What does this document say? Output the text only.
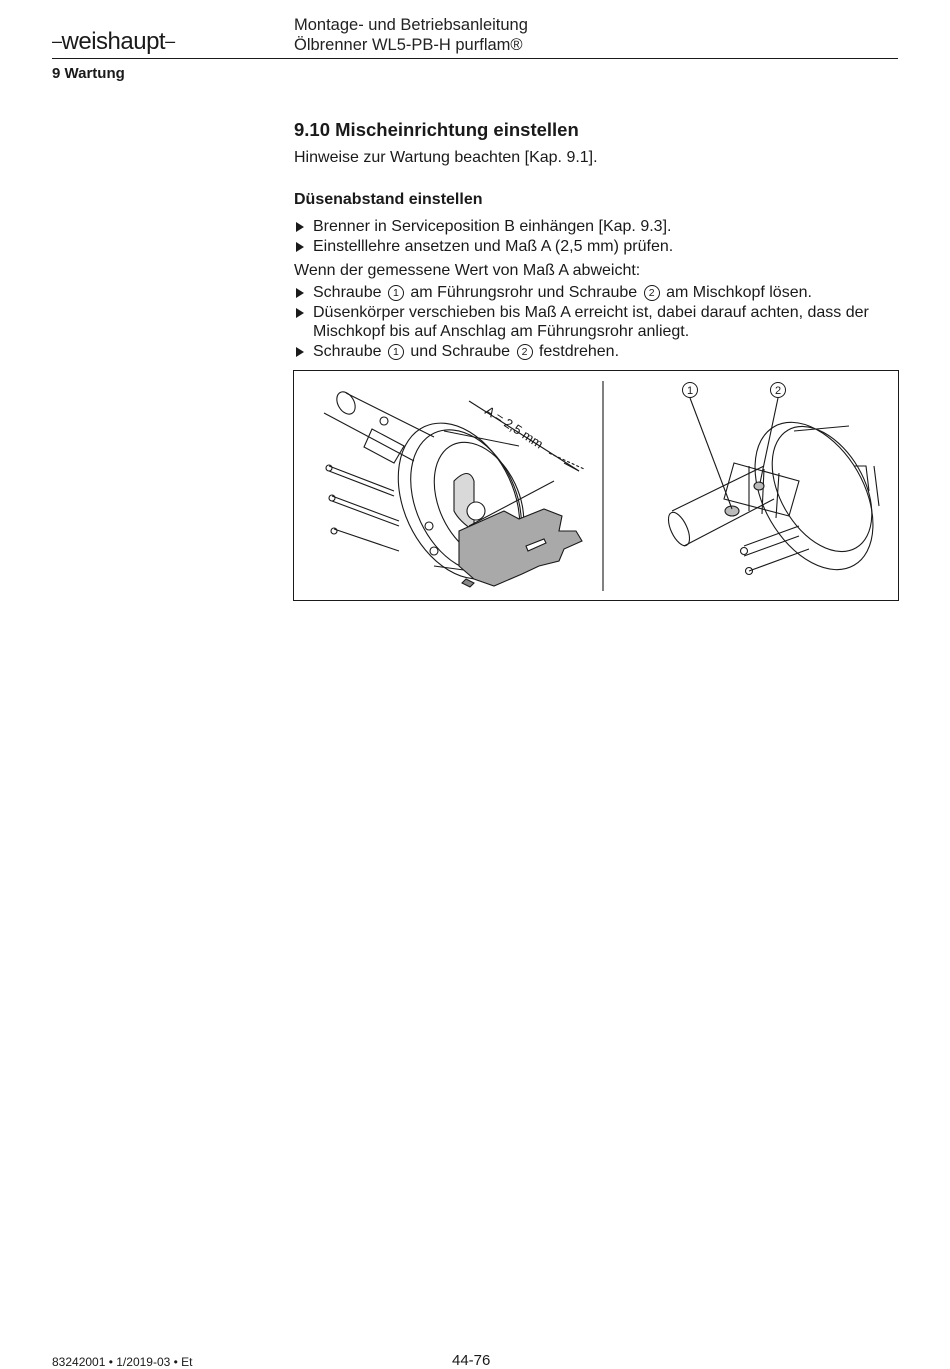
–weishaupt–
Montage- und Betriebsanleitung
Ölbrenner WL5-PB-H purflam®
9 Wartung
9.10 Mischeinrichtung einstellen
Hinweise zur Wartung beachten [Kap. 9.1].
Düsenabstand einstellen
Brenner in Serviceposition B einhängen [Kap. 9.3].
Einstelllehre ansetzen und Maß A (2,5 mm) prüfen.
Wenn der gemessene Wert von Maß A abweicht:
Schraube 1 am Führungsrohr und Schraube 2 am Mischkopf lösen.
Düsenkörper verschieben bis Maß A erreicht ist, dabei darauf achten, dass der Mischkopf bis auf Anschlag am Führungsrohr anliegt.
Schraube 1 und Schraube 2 festdrehen.
A = 2,5 mm
1	2
83242001 • 1/2019-03 • Et	44-76
